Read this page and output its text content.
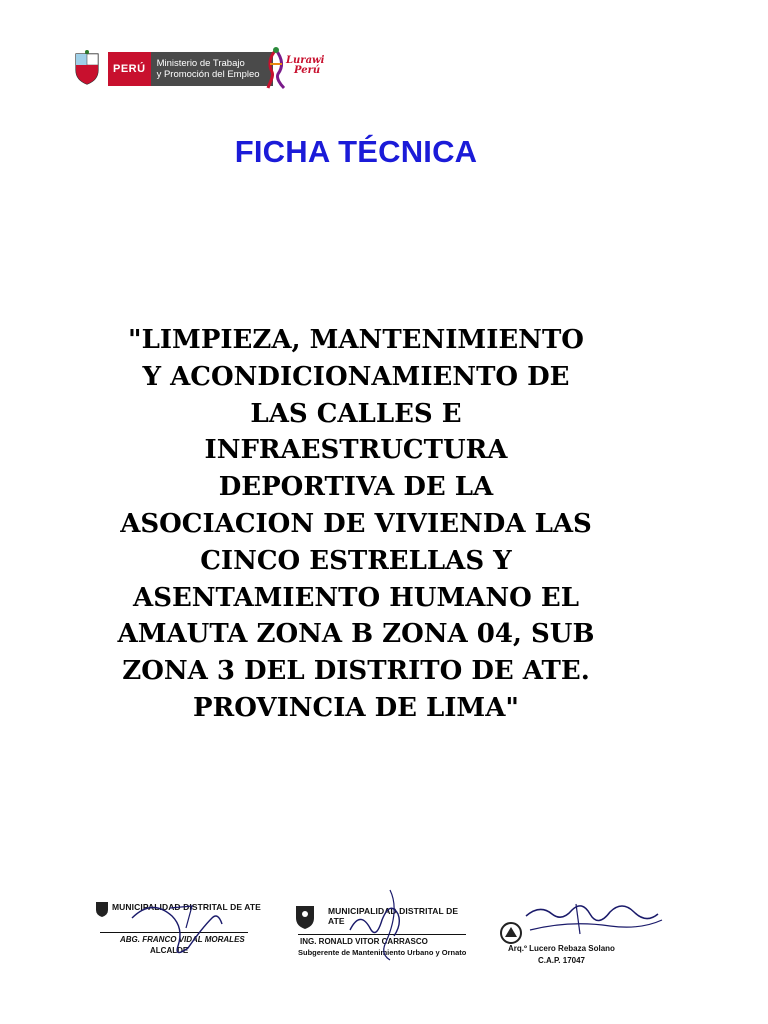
PERÚ	Ministerio de Trabajo
y Promoción del Empleo
Lurawi
Perú
FICHA TÉCNICA
"LIMPIEZA, MANTENIMIENTO
Y ACONDICIONAMIENTO DE
LAS CALLES E
INFRAESTRUCTURA
DEPORTIVA DE LA
ASOCIACION DE VIVIENDA LAS
CINCO ESTRELLAS Y
ASENTAMIENTO HUMANO EL
AMAUTA ZONA B ZONA 04, SUB
ZONA 3 DEL DISTRITO DE ATE.
PROVINCIA DE LIMA"
MUNICIPALIDAD DISTRITAL DE ATE
ABG. FRANCO VIDAL MORALES
ALCALDE
MUNICIPALIDAD DISTRITAL DE ATE
ING. RONALD VITOR CARRASCO
Subgerente de Mantenimiento Urbano y Ornato	Arq.º Lucero Rebaza Solano
C.A.P. 17047
